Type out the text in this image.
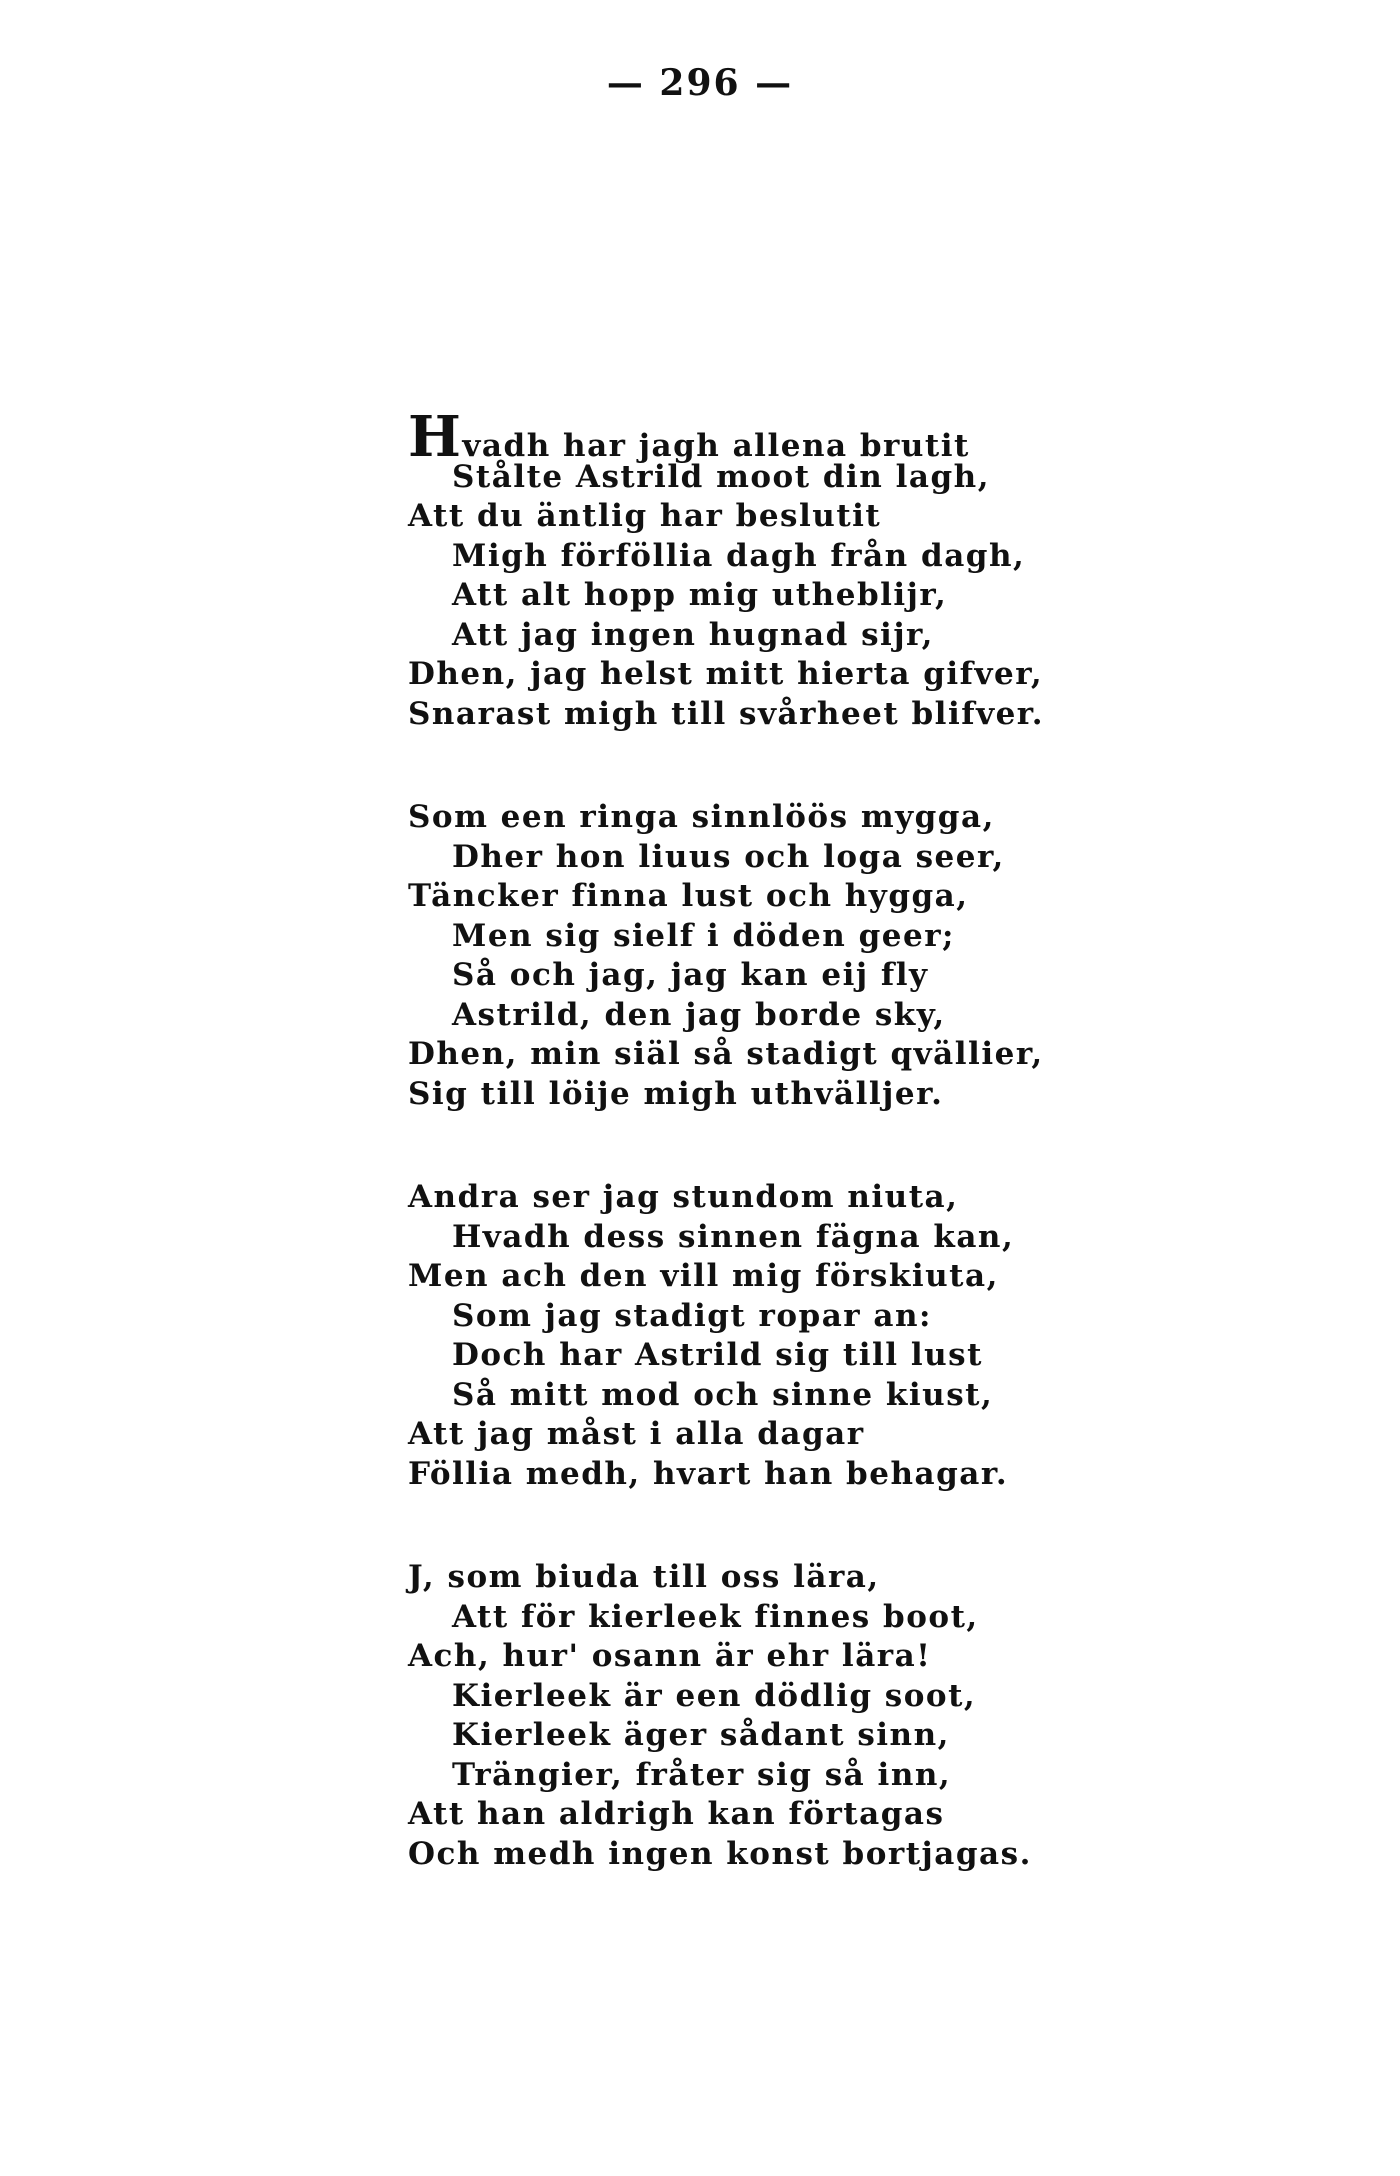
— 296 —
Hvadh har jagh allena brutit
Stålte Astrild moot din lagh,
Att du äntlig har beslutit
Migh förföllia dagh från dagh,
Att alt hopp mig utheblijr,
Att jag ingen hugnad sijr,
Dhen, jag helst mitt hierta gifver,
Snarast migh till svårheet blifver.
Som een ringa sinnlöös mygga,
Dher hon liuus och loga seer,
Täncker finna lust och hygga,
Men sig sielf i döden geer;
Så och jag, jag kan eij fly
Astrild, den jag borde sky,
Dhen, min siäl så stadigt qvällier,
Sig till löije migh uthvälljer.
Andra ser jag stundom niuta,
Hvadh dess sinnen fägna kan,
Men ach den vill mig förskiuta,
Som jag stadigt ropar an:
Doch har Astrild sig till lust
Så mitt mod och sinne kiust,
Att jag måst i alla dagar
Föllia medh, hvart han behagar.
J, som biuda till oss lära,
Att för kierleek finnes boot,
Ach, hur' osann är ehr lära!
Kierleek är een dödlig soot,
Kierleek äger sådant sinn,
Trängier, fråter sig så inn,
Att han aldrigh kan förtagas
Och medh ingen konst bortjagas.
